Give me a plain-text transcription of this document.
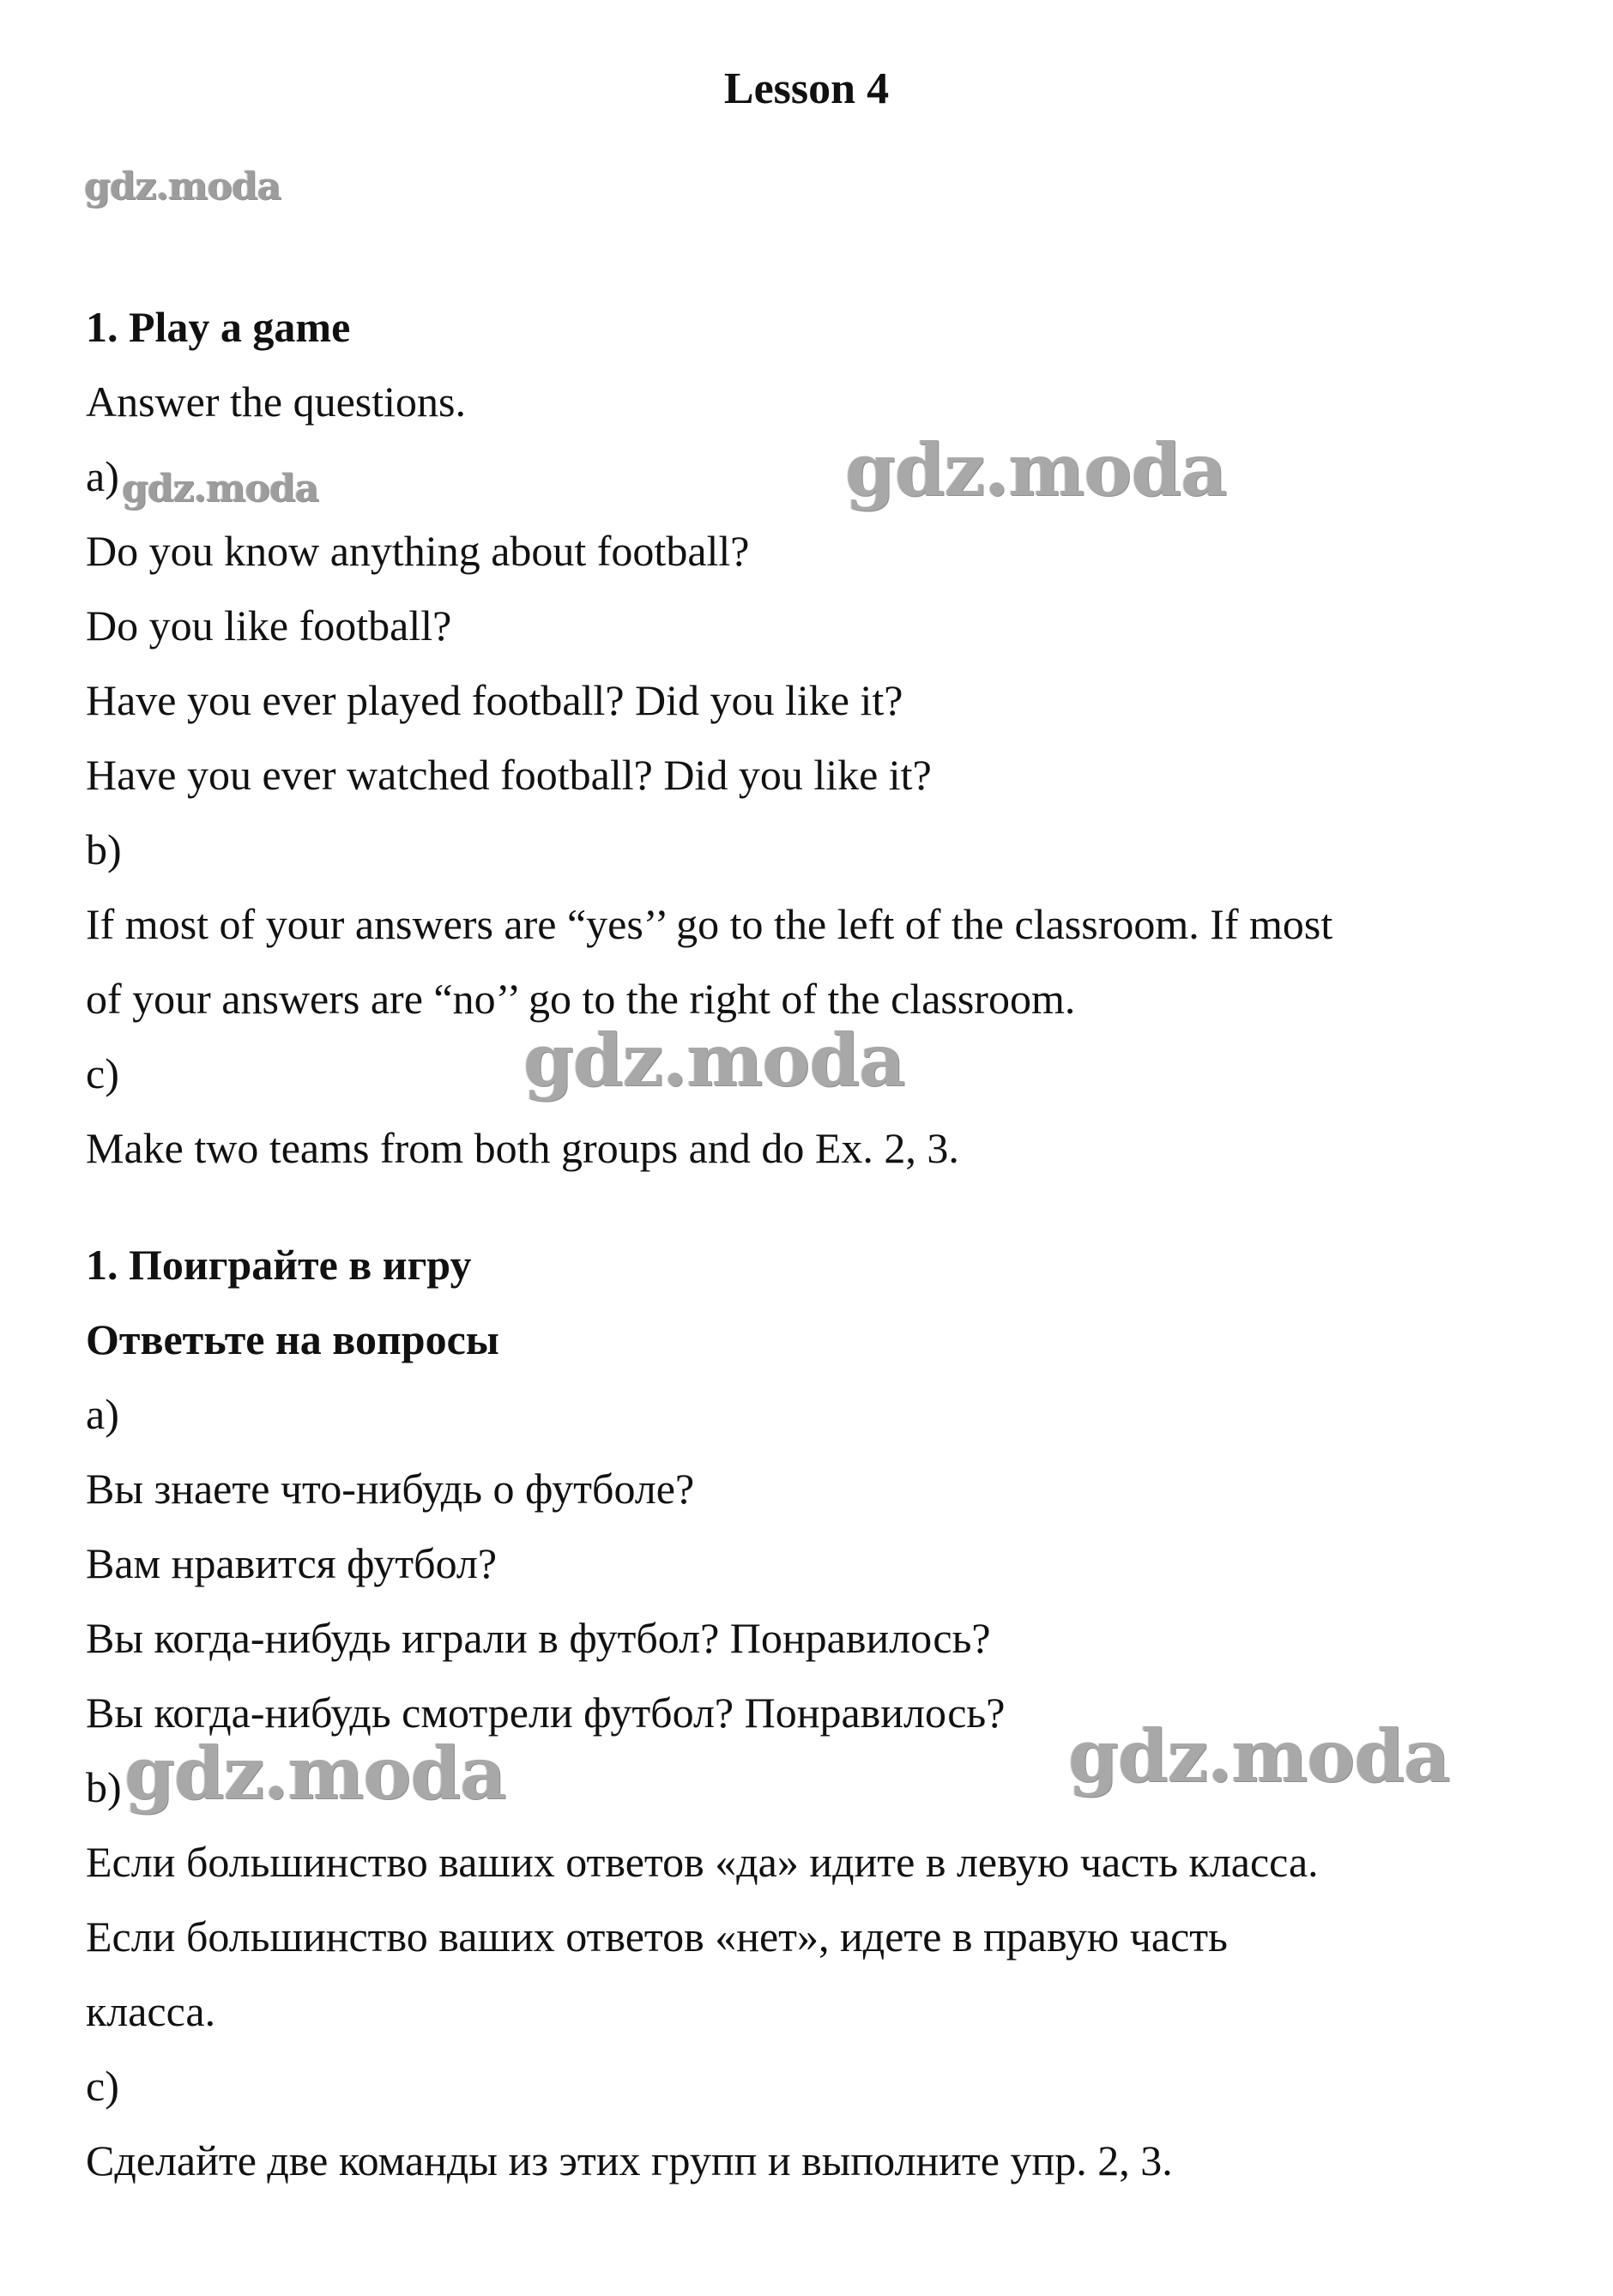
Lesson 4
1. Play a game
Answer the questions.
a)
Do you know anything about football?
Do you like football?
Have you ever played football? Did you like it?
Have you ever watched football? Did you like it?
b)
If most of your answers are “yes’’ go to the left of the classroom. If most
of your answers are “no’’ go to the right of the classroom.
c)
Make two teams from both groups and do Ex. 2, 3.
1. Поиграйте в игру
Ответьте на вопросы
a)
Вы знаете что-нибудь о футболе?
Вам нравится футбол?
Вы когда-нибудь играли в футбол? Понравилось?
Вы когда-нибудь смотрели футбол? Понравилось?
b)
Если большинство ваших ответов «да» идите в левую часть класса.
Если большинство ваших ответов «нет», идете в правую часть
класса.
c)
Сделайте две команды из этих групп и выполните упр. 2, 3.
gdz.moda
gdz.moda	gdz.moda
gdz.moda
gdz.moda	gdz.moda
